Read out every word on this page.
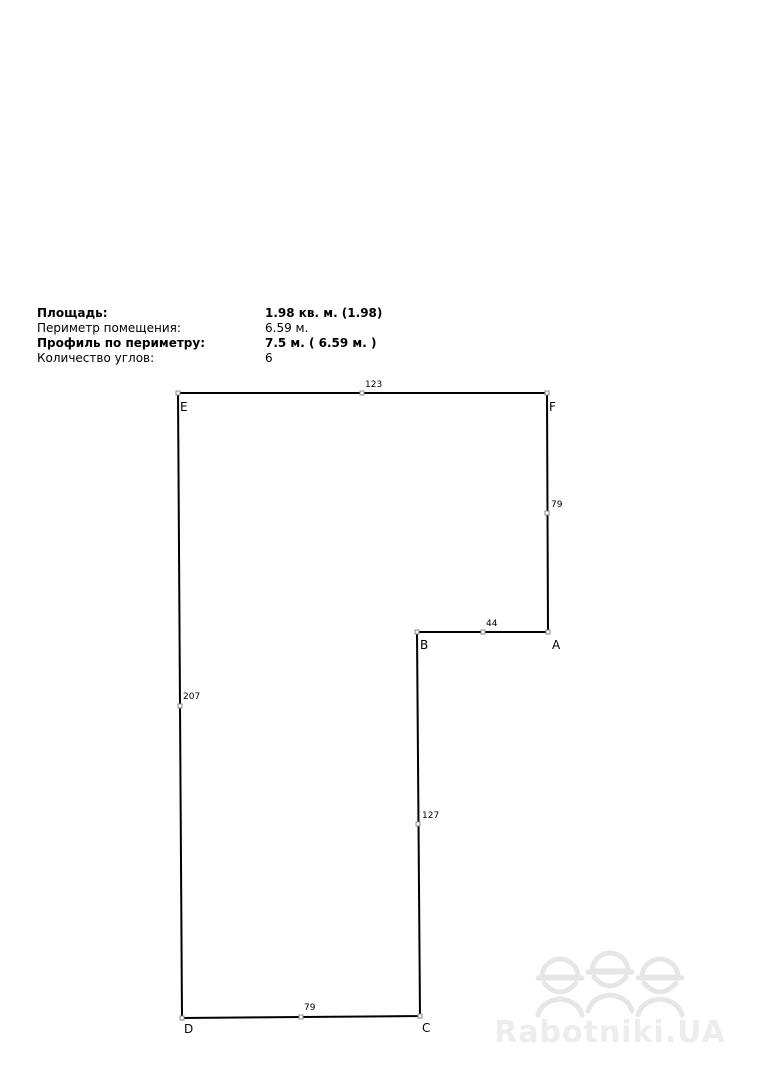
Площадь:	1.98 кв. м. (1.98)
Периметр помещения:	6.59 м.
Профиль по периметру:	7.5 м. ( 6.59 м. )
Количество углов:	6
A
B
C
D
E	F
44
127
79
207
123
79
Rabotniki.UA
